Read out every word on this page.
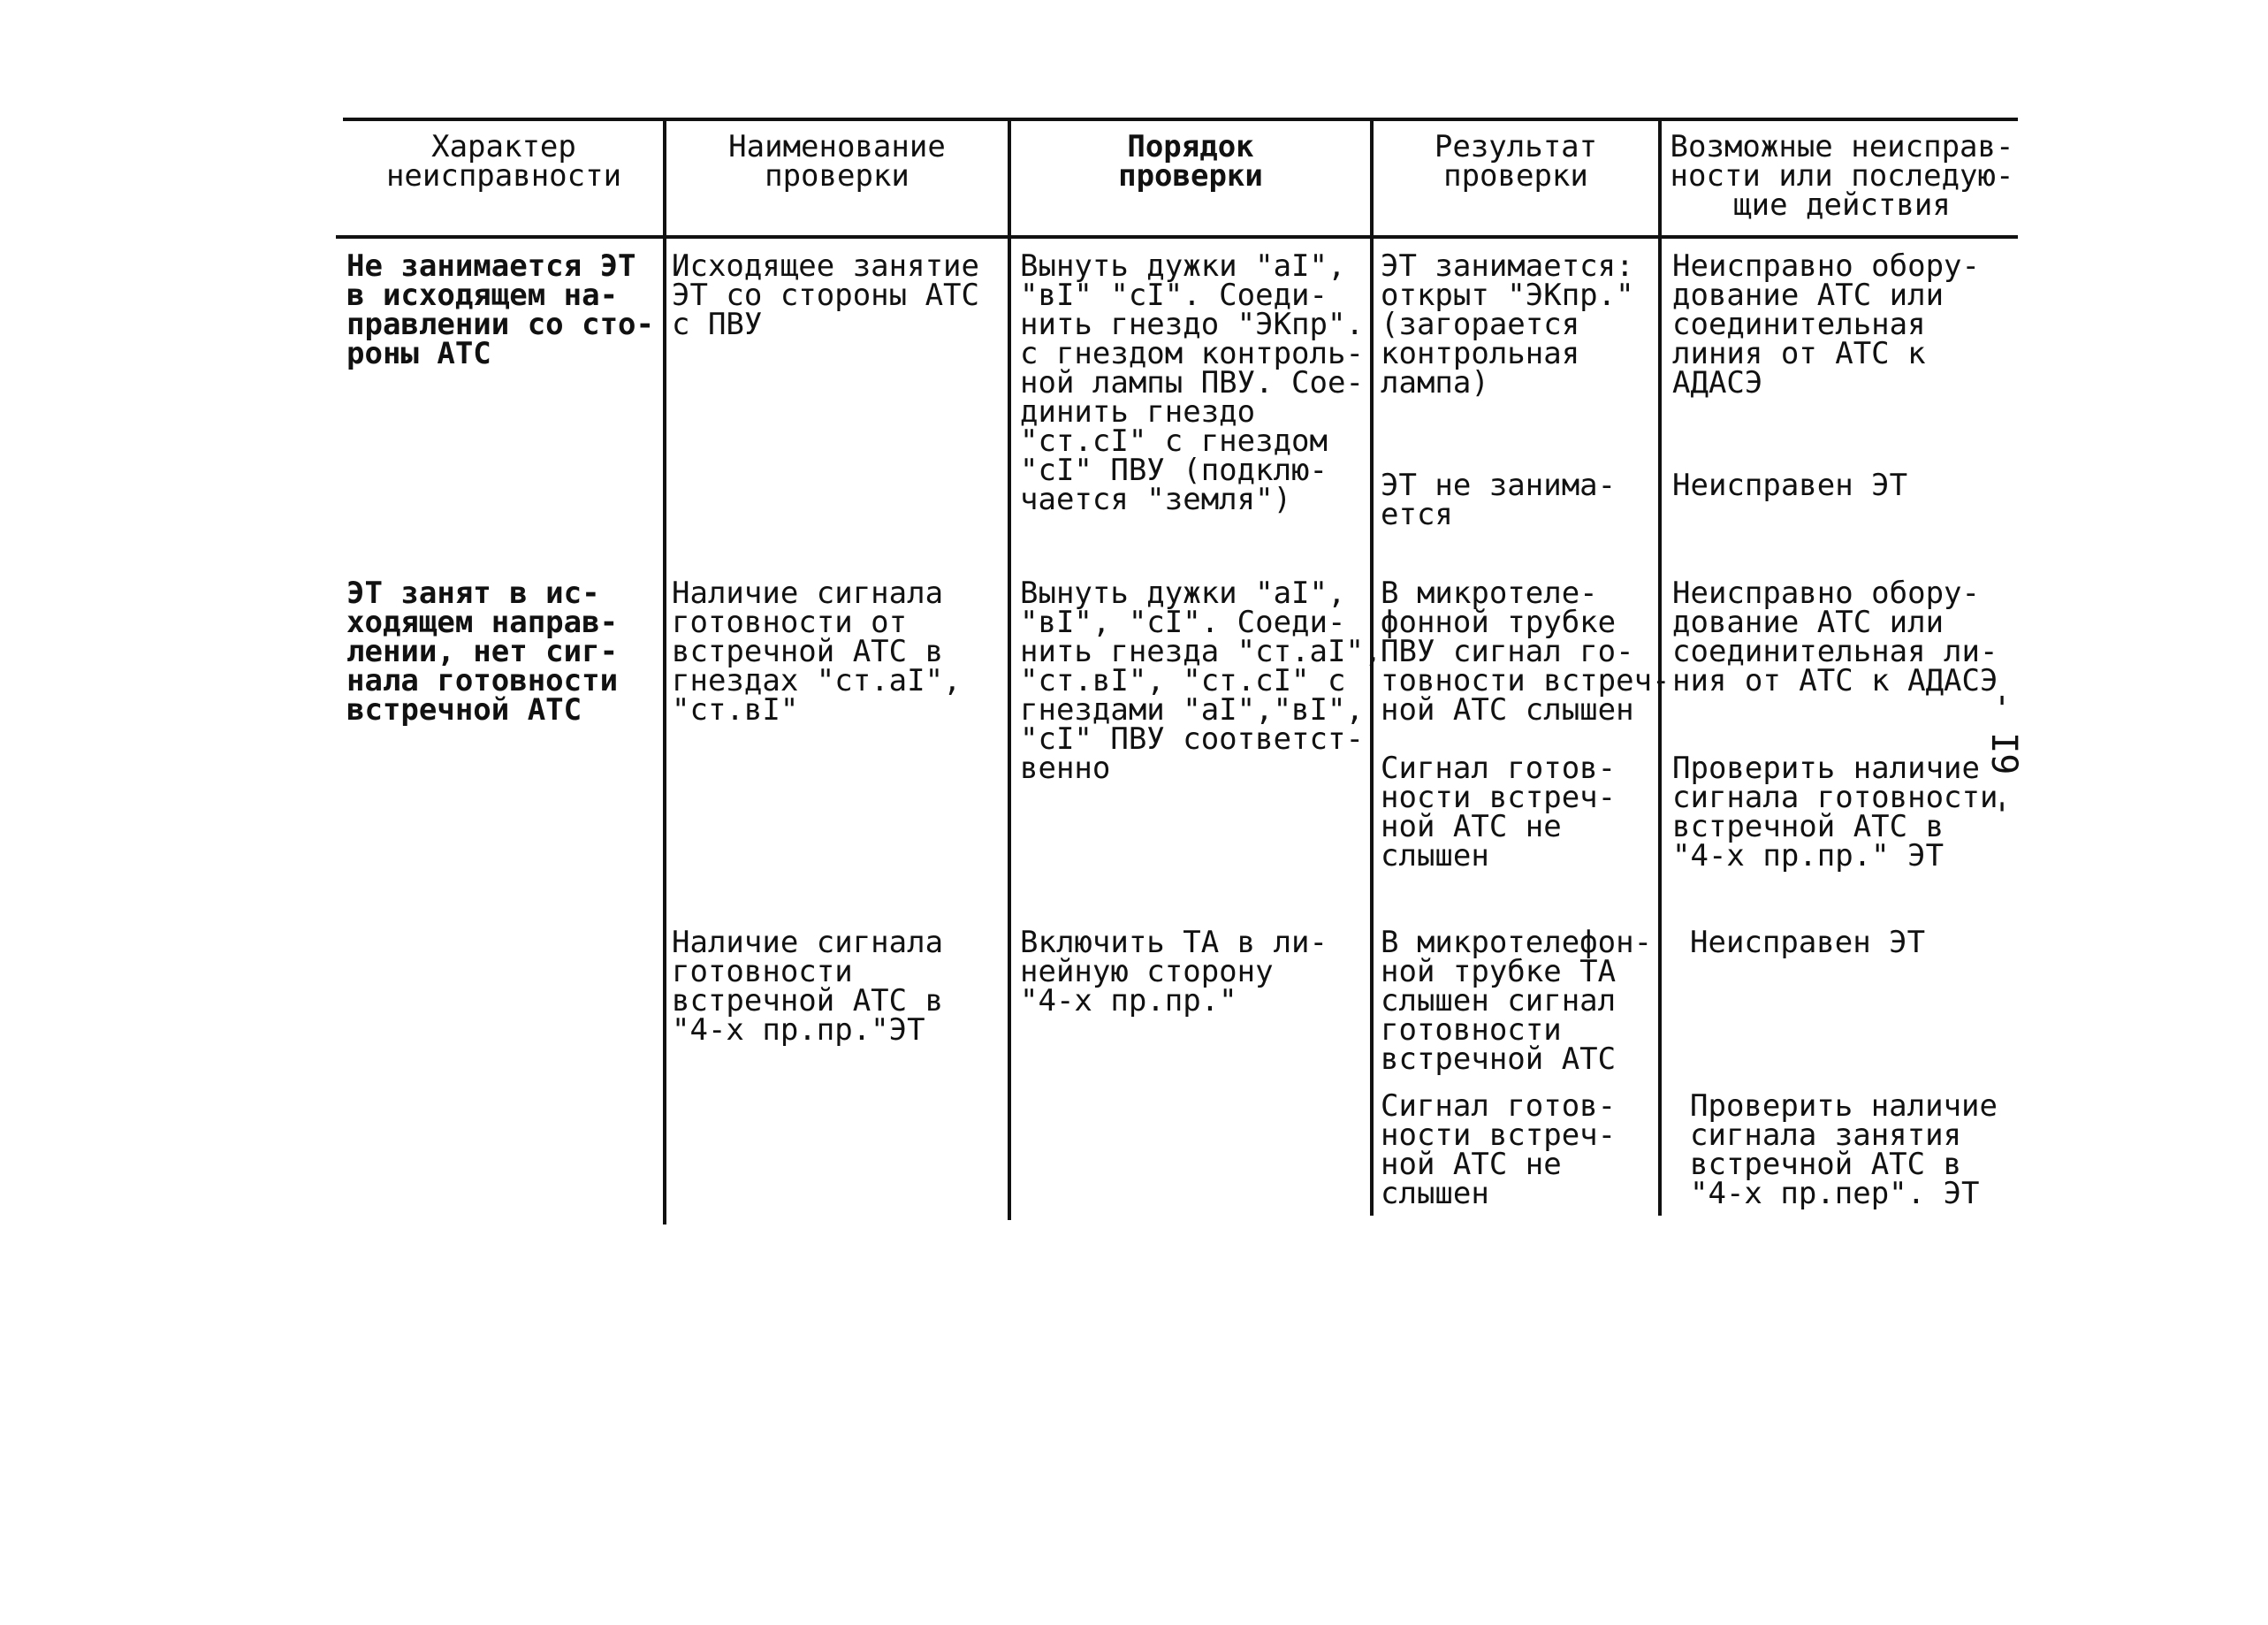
Характер
неисправности
Наименование
проверки
Порядок
проверки
Результат
проверки
Возможные неисправ-
ности или последую-
щие действия
Не занимается ЭТ
в исходящем на-
правлении со сто-
роны АТС
Исходящее занятие
ЭТ со стороны АТС
с ПВУ
Вынуть дужки "aI",
"вI" "cI". Соеди-
нить гнездо "ЭКпр".
с гнездом контроль-
ной лампы ПВУ. Сое-
динить гнездо
"ст.cI" с гнездом
"cI" ПВУ (подклю-
чается "земля")
ЭТ занимается:
открыт "ЭКпр."
(загорается
контрольная
лампа)
ЭТ не занима-
ется
Неисправно обору-
дование АТС или
соединительная
линия от АТС к
АДАСЭ
Неисправен ЭТ
ЭТ занят в ис-
ходящем направ-
лении, нет сиг-
нала готовности
встречной АТС
Наличие сигнала
готовности от
встречной АТС в
гнездах "ст.aI",
"ст.вI"
Вынуть дужки "aI",
"вI", "cI". Соеди-
нить гнезда "ст.aI",
"ст.вI", "ст.cI" с
гнездами "aI","вI",
"cI" ПВУ соответст-
венно
В микротеле-
фонной трубке
ПВУ сигнал го-
товности встреч-
ной АТС слышен
Сигнал готов-
ности встреч-
ной АТС не
слышен
Неисправно обору-
дование АТС или
соединительная ли-
ния от АТС к АДАСЭ
Проверить наличие
сигнала готовности
встречной АТС в
"4-х пр.пр." ЭТ
Наличие сигнала
готовности
встречной АТС в
"4-х пр.пр."ЭТ
Включить ТА в ли-
нейную сторону
"4-х пр.пр."
В микротелефон-
ной трубке ТА
слышен сигнал
готовности
встречной АТС
Сигнал готов-
ности встреч-
ной АТС не
слышен
Неисправен ЭТ
Проверить наличие
сигнала занятия
встречной АТС в
"4-х пр.пер". ЭТ
- I9 -
